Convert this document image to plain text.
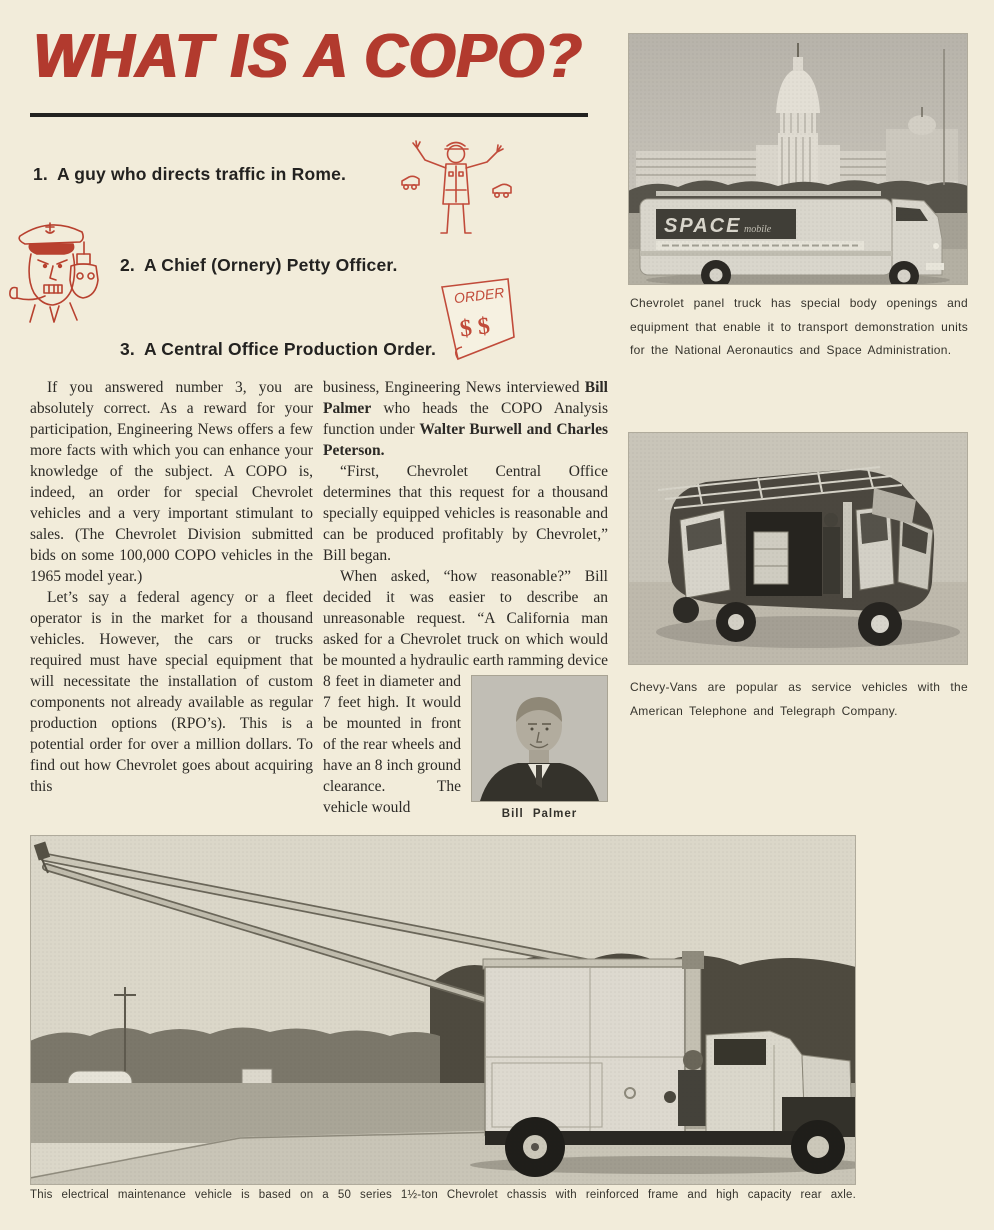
WHAT IS A COPO?
1. A guy who directs traffic in Rome.
2. A Chief (Ornery) Petty Officer.
3. A Central Office Production Order.
ORDER
$ $

If you answered number 3, you are absolutely correct. As a reward for your participation, Engineering News offers a few more facts with which you can enhance your knowledge of the subject. A COPO is, indeed, an order for special Chevrolet vehicles and a very important stimulant to sales. (The Chevrolet Division submitted bids on some 100,000 COPO vehicles in the 1965 model year.)

Let’s say a federal agency or a fleet operator is in the market for a thousand vehicles. However, the cars or trucks required must have special equipment that will necessitate the installation of custom components not already available as regular production options (RPO’s). This is a potential order for over a million dollars. To find out how Chevrolet goes about acquiring this

business, Engineering News interviewed Bill Palmer who heads the COPO Analysis function under Walter Burwell and Charles Peterson.

“First, Chevrolet Central Office determines that this request for a thousand specially equipped vehicles is reasonable and can be produced profitably by Chevrolet,” Bill began.

When asked, “how reasonable?” Bill decided it was easier to describe an unreasonable request. “A California man asked for a Chevrolet truck on which would be mounted a hydraulic earth ramming device
Bill Palmer
8 feet in diameter and 7 feet high. It would be mounted in front of the rear wheels and have an 8 inch ground clearance. The vehicle would

SPACE mobile
Chevrolet panel truck has special body openings and equipment that enable it to transport demonstration units for the National Aeronautics and Space Administration.
Chevy-Vans are popular as service vehicles with the American Telephone and Telegraph Company.
This electrical maintenance vehicle is based on a 50 series 1½-ton Chevrolet chassis with reinforced frame and high capacity rear axle.
